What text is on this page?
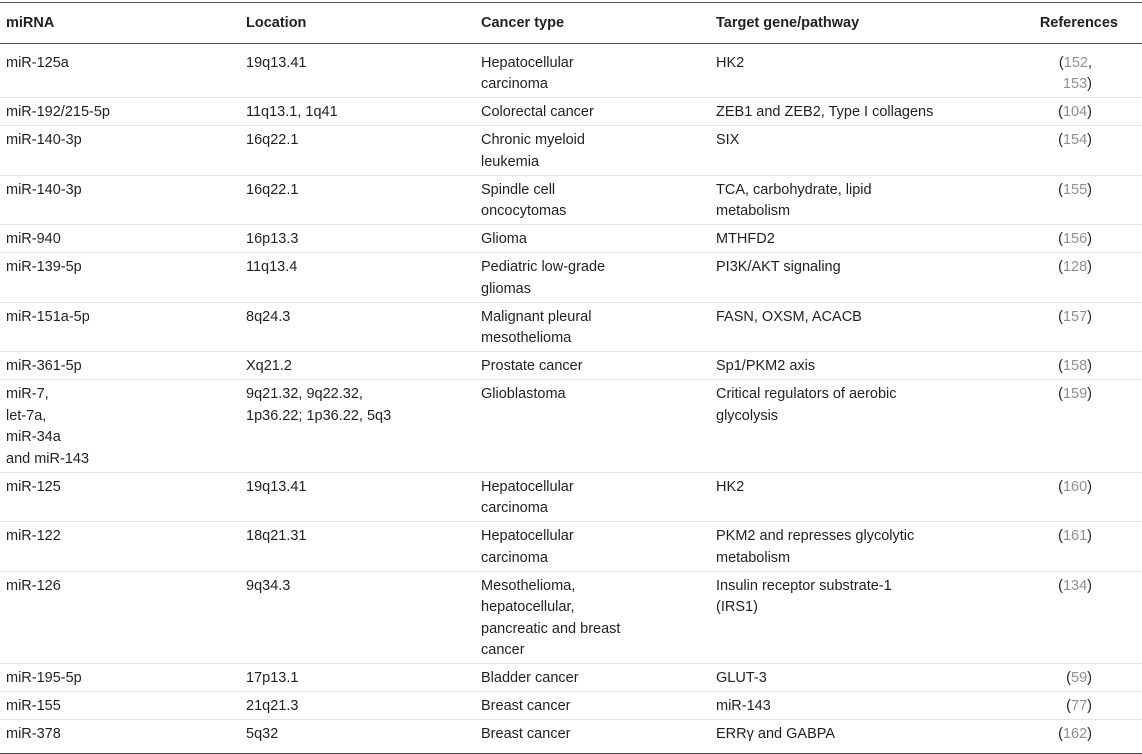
miRNA	Location	Cancer type	Target gene/pathway	References

miR-125a	19q13.41	Hepatocellular
carcinoma	HK2	(152, 153)

miR-192/215-5p	11q13.1, 1q41	Colorectal cancer	ZEB1 and ZEB2, Type I collagens	(104)

miR-140-3p	16q22.1	Chronic myeloid
leukemia	SIX	(154)

miR-140-3p	16q22.1	Spindle cell
oncocytomas	TCA, carbohydrate, lipid
metabolism	(155)

miR-940	16p13.3	Glioma	MTHFD2	(156)

miR-139-5p	11q13.4	Pediatric low-grade
gliomas	PI3K/AKT signaling	(128)

miR-151a-5p	8q24.3	Malignant pleural
mesothelioma	FASN, OXSM, ACACB	(157)

miR-361-5p	Xq21.2	Prostate cancer	Sp1/PKM2 axis	(158)

miR-7,
let-7a,
miR-34a
and miR-143	9q21.32, 9q22.32,
1p36.22; 1p36.22, 5q3	Glioblastoma	Critical regulators of aerobic
glycolysis	(159)

miR-125	19q13.41	Hepatocellular
carcinoma	HK2	(160)

miR-122	18q21.31	Hepatocellular
carcinoma	PKM2 and represses glycolytic
metabolism	(161)

miR-126	9q34.3	Mesothelioma,
hepatocellular,
pancreatic and breast
cancer	Insulin receptor substrate-1
(IRS1)	(134)

miR-195-5p	17p13.1	Bladder cancer	GLUT-3	(59)

miR-155	21q21.3	Breast cancer	miR-143	(77)

miR-378	5q32	Breast cancer	ERRγ and GABPA	(162)
